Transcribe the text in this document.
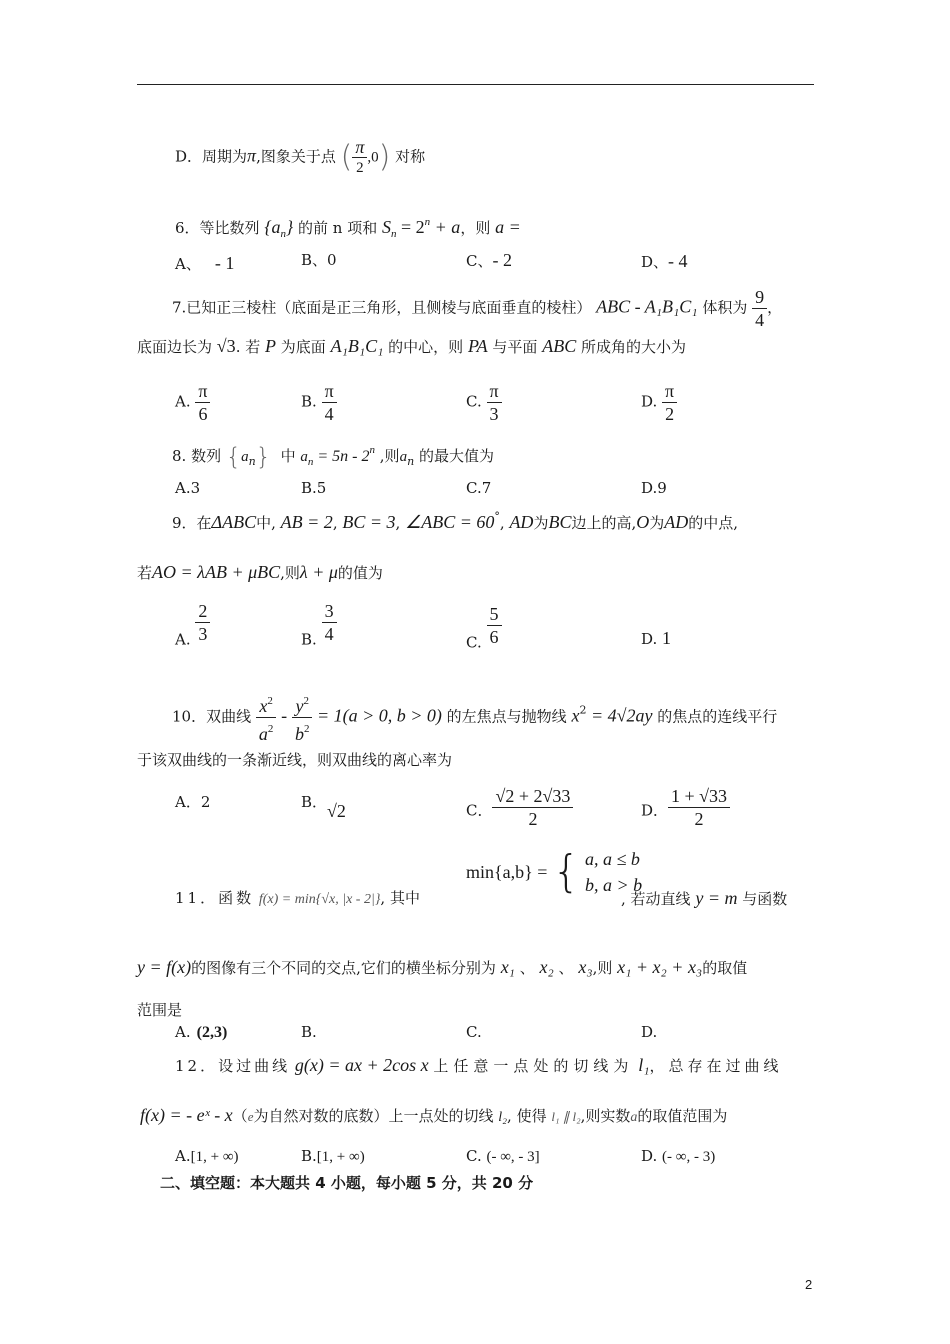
D．周期为π,图象关于点 ( $\frac{\pi}{2} ,0$) 对称
6．等比数列 $\{a_n\}$ 的前 n 项和 $S_n = 2^n + a$，则 a =
A、 - 1	B、0	C、- 2	D、- 4
7.已知正三棱柱（底面是正三角形，且侧棱与底面垂直的棱柱） ABC - A₁B₁C₁ 体积为 $\frac{9}{4}$ ，
底面边长为 √3. 若 P 为底面 A₁B₁C₁ 的中心，则 PA 与平面 ABC 所成角的大小为
A. $\frac{\pi}{6}$	B. $\frac{\pi}{4}$	C. $\frac{\pi}{3}$	D. $\frac{\pi}{2}$
8. 数列 $\{a_n\}$ 中 $a_n = 5n - 2^n$ ,则$a_n$ 的最大值为
A.3	B.5	C.7	D.9
9．在ΔABC中, AB = 2, BC = 3, ∠ABC = 60°, AD为BC边上的高,O为AD的中点,
若AO = λAB + μBC,则λ + μ的值为
A. $\frac{2}{3}$	B. $\frac{3}{4}$	C. $\frac{5}{6}$	D. 1
10．双曲线 $\frac{x^2}{a^2} - \frac{y^2}{b^2} = 1(a > 0$, b > 0) 的左焦点与抛物线 $x^2 = 4√2ay$ 的焦点的连线平行
于该双曲线的一条渐近线，则双曲线的离心率为
A．2	B．√2	C． $\frac{√2 + 2√33}{2}$	D． $\frac{1 + √33}{2}$
min{a,b} = { a, a ≤ b
b, a > b
11．函数 f(x) = min{√x, |x - 2|}, 其中	, 若动直线 y = m 与函数
y = f(x)的图像有三个不同的交点,它们的横坐标分别为 x₁ 、 x₂ 、 x₃,则 x₁ + x₂ + x₃的取值
范围是
A. (2,3)	B.	C.	D.
12．设过曲线 g(x) = ax + 2cos x 上任意一点处的切线为 l₁，总存在过曲线
f(x) = - eˣ - x（e为自然对数的底数）上一点处的切线 l₂, 使得 l₁ ∥ l₂,则实数a的取值范围为
A.[1, + ∞)	B.[1, + ∞)	C. (- ∞, - 3]	D. (- ∞, - 3)
二、填空题：本大题共 4 小题，每小题 5 分，共 20 分
2
